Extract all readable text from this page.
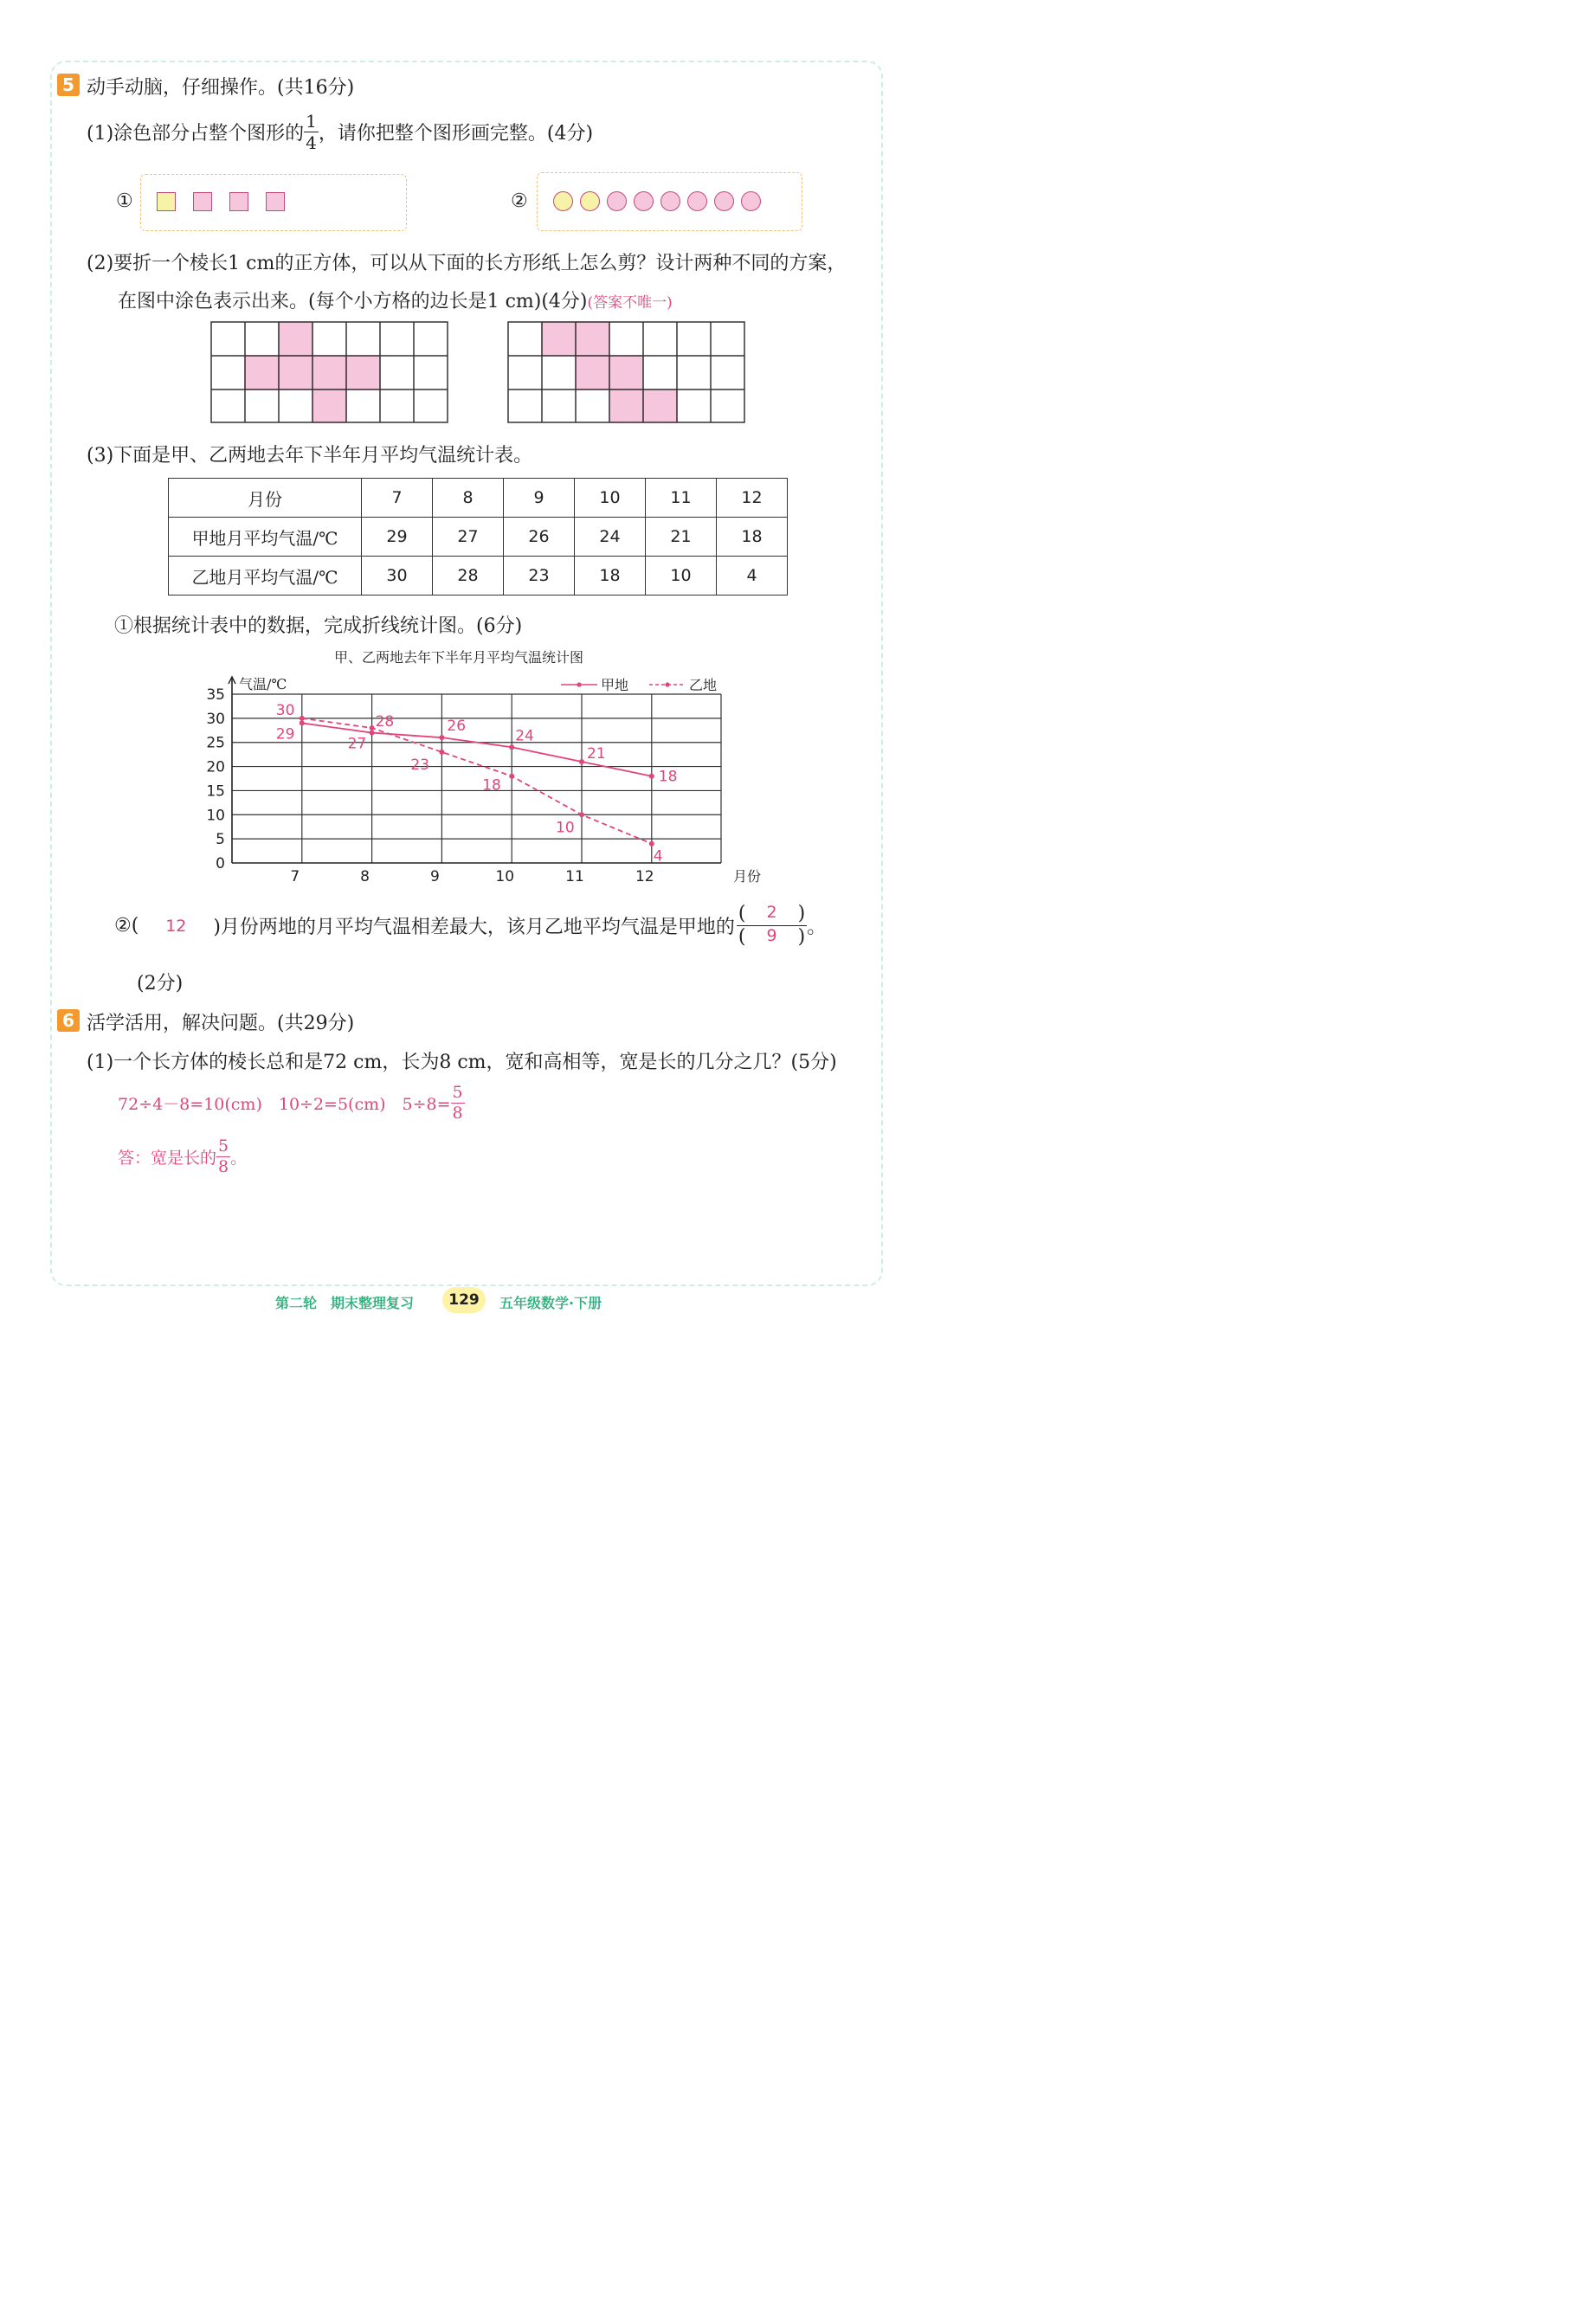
5 动手动脑，仔细操作。(共16分)
(1)涂色部分占整个图形的 $\frac{1}{4}$ ，请你把整个图形画完整。(4分)
①	②
(2)要折一个棱长1 cm的正方体，可以从下面的长方形纸上怎么剪？设计两种不同的方案，
在图中涂色表示出来。(每个小方格的边长是1 cm)(4分)(答案不唯一)
(3)下面是甲、乙两地去年下半年月平均气温统计表。
月份	7	8	9	10	11	12
甲地月平均气温/℃	29	27	26	24	21	18
乙地月平均气温/℃	30	28	23	18	10	4
①根据统计表中的数据，完成折线统计图。(6分)
甲、乙两地去年下半年月平均气温统计图
0
5
10
15
20
25
30
35
7	8	9	10	11	12
气温/℃
月份
甲地	乙地
29
27
26
24
21
18
30
28
23
18
10
4
②(	12	)月份两地的月平均气温相差最大，该月乙地平均气温是甲地的 $\frac{( 2 )}{( 9 )}$ 。
(2分)
6 活学活用，解决问题。(共29分)
(1)一个长方体的棱长总和是72 cm，长为8 cm，宽和高相等，宽是长的几分之几？(5分)
72÷4－8=10(cm)　10÷2=5(cm)　$5\div 8= \frac{5}{8}$
答：宽是长的 $\frac{5}{8}$ 。
第二轮　期末整理复习	129	五年级数学·下册
